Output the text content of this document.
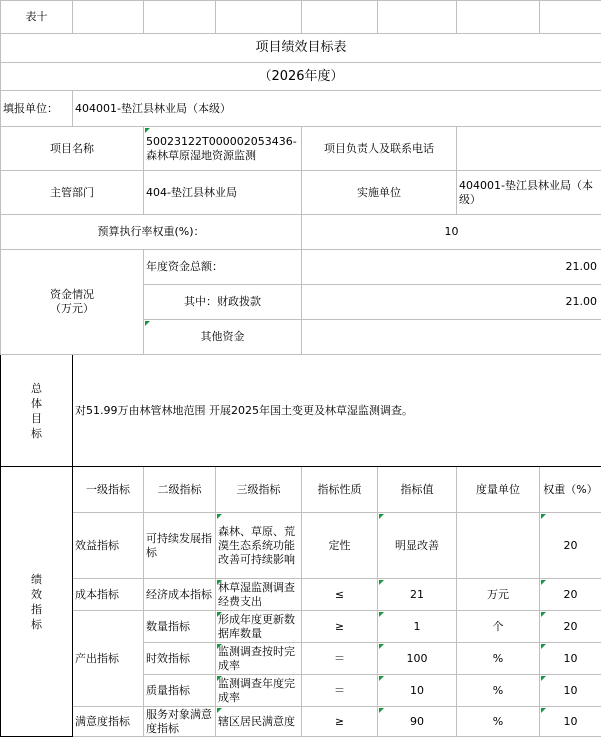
表十							
项目绩效目标表							
（2026年度）							
填报单位：	404001-垫江县林业局（本级）						
项目名称		50023122T000002053436-森林草原湿地资源监测		项目负责人及联系电话			
主管部门		404-垫江县林业局		实施单位		404001-垫江县林业局（本级）	
预算执行率权重(%)：				10			
资金情况（万元）		年度资金总额：		21.00			
		其中：财政拨款		21.00			
		其他资金					
总体目标	对51.99万由林管林地范围 开展2025年国土变更及林草湿监测调查。						
绩效指标	一级指标	二级指标	三级指标	指标性质	指标值	度量单位	权重（%）
	效益指标	可持续发展指标	森林、草原、荒漠生态系统功能改善可持续影响	定性	明显改善		20
	成本指标	经济成本指标	林草湿监测调查经费支出	≤	21	万元	20
	产出指标	数量指标	形成年度更新数据库数量	≥	1	个	20
		时效指标	监测调查按时完成率	＝	100	%	10
		质量指标	监测调查年度完成率	＝	10	%	10
	满意度指标	服务对象满意度指标	辖区居民满意度	≥	90	%	10
